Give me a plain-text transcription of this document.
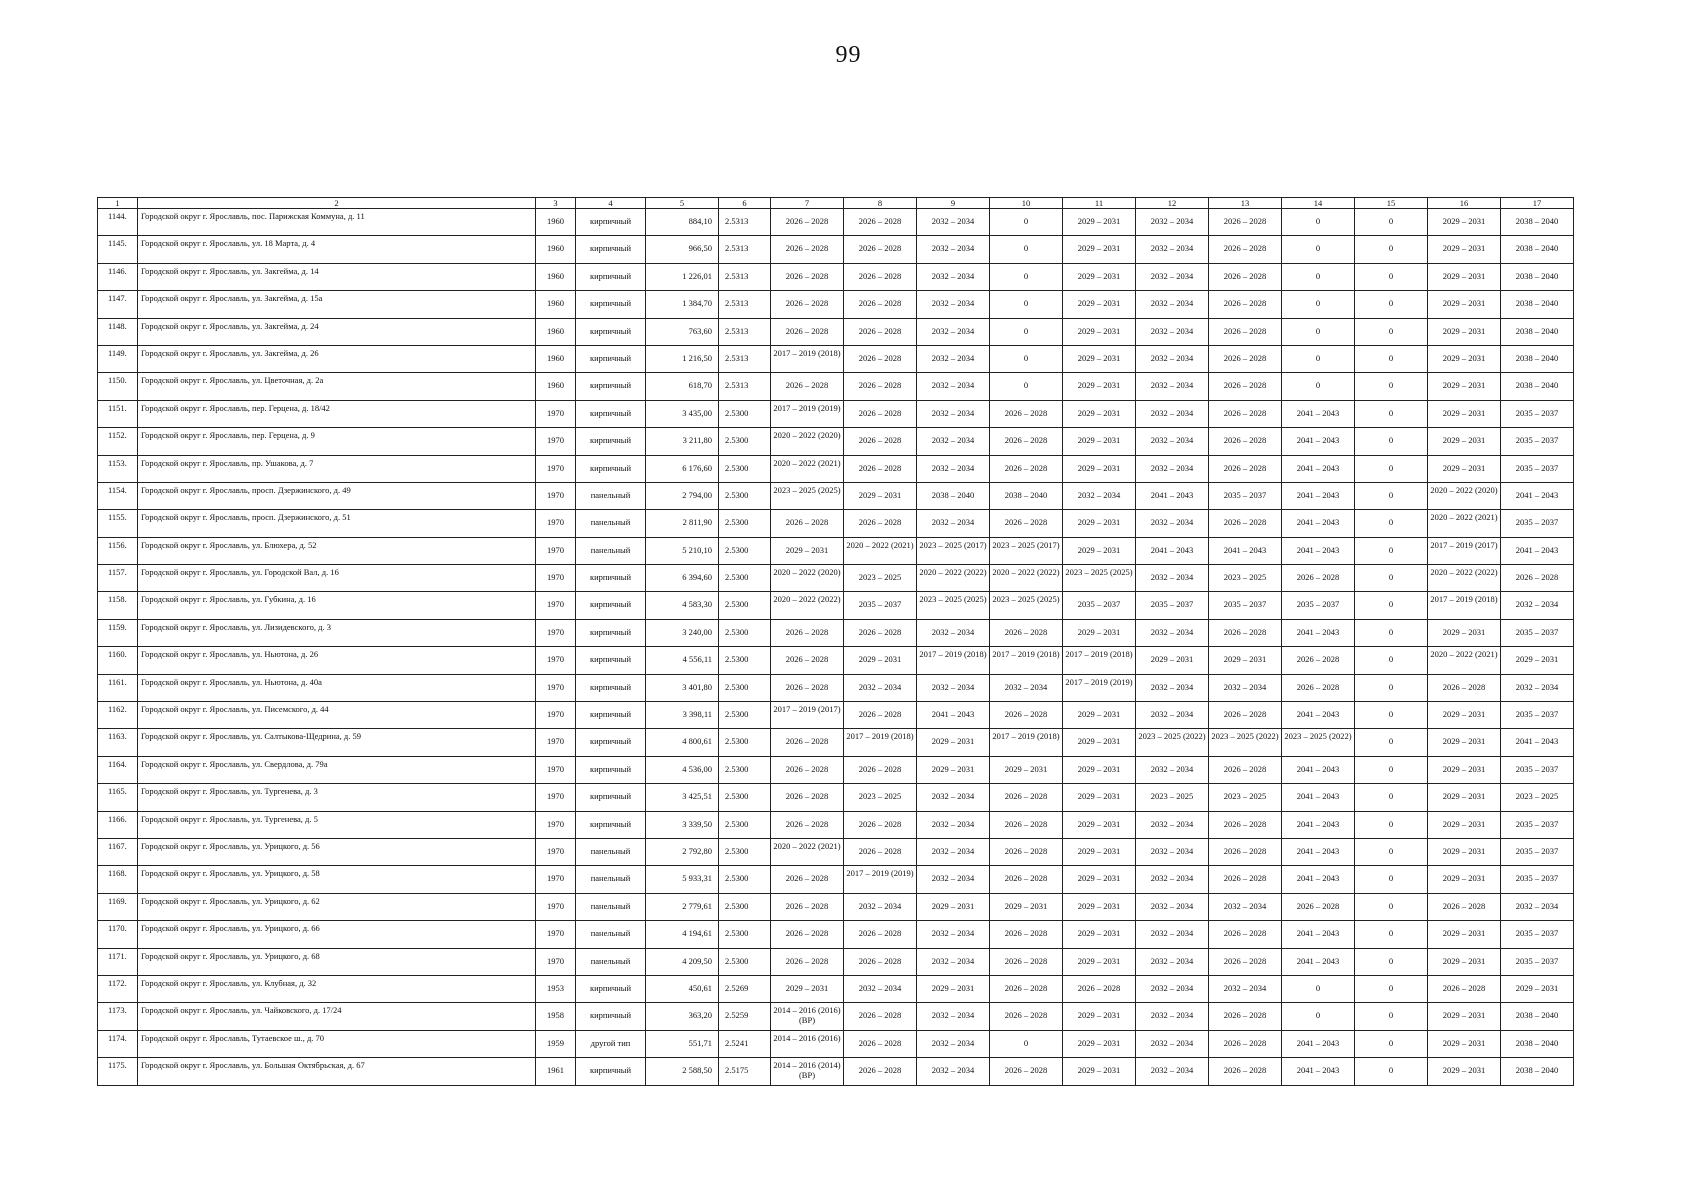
99
1	2	3	4	5	6	7	8	9	10	11	12	13	14	15	16	17
1144.	Городской округ г. Ярославль, пос. Парижская Коммуна, д. 11	1960	кирпичный	884,10	2.5313	2026 – 2028	2026 – 2028	2032 – 2034	0	2029 – 2031	2032 – 2034	2026 – 2028	0	0	2029 – 2031	2038 – 2040
1145.	Городской округ г. Ярославль, ул. 18 Марта, д. 4	1960	кирпичный	966,50	2.5313	2026 – 2028	2026 – 2028	2032 – 2034	0	2029 – 2031	2032 – 2034	2026 – 2028	0	0	2029 – 2031	2038 – 2040
1146.	Городской округ г. Ярославль, ул. Закгейма, д. 14	1960	кирпичный	1 226,01	2.5313	2026 – 2028	2026 – 2028	2032 – 2034	0	2029 – 2031	2032 – 2034	2026 – 2028	0	0	2029 – 2031	2038 – 2040
1147.	Городской округ г. Ярославль, ул. Закгейма, д. 15а	1960	кирпичный	1 384,70	2.5313	2026 – 2028	2026 – 2028	2032 – 2034	0	2029 – 2031	2032 – 2034	2026 – 2028	0	0	2029 – 2031	2038 – 2040
1148.	Городской округ г. Ярославль, ул. Закгейма, д. 24	1960	кирпичный	763,60	2.5313	2026 – 2028	2026 – 2028	2032 – 2034	0	2029 – 2031	2032 – 2034	2026 – 2028	0	0	2029 – 2031	2038 – 2040
1149.	Городской округ г. Ярославль, ул. Закгейма, д. 26	1960	кирпичный	1 216,50	2.5313	2017 – 2019 (2018)	2026 – 2028	2032 – 2034	0	2029 – 2031	2032 – 2034	2026 – 2028	0	0	2029 – 2031	2038 – 2040
1150.	Городской округ г. Ярославль, ул. Цветочная, д. 2а	1960	кирпичный	618,70	2.5313	2026 – 2028	2026 – 2028	2032 – 2034	0	2029 – 2031	2032 – 2034	2026 – 2028	0	0	2029 – 2031	2038 – 2040
1151.	Городской округ г. Ярославль, пер. Герцена, д. 18/42	1970	кирпичный	3 435,00	2.5300	2017 – 2019 (2019)	2026 – 2028	2032 – 2034	2026 – 2028	2029 – 2031	2032 – 2034	2026 – 2028	2041 – 2043	0	2029 – 2031	2035 – 2037
1152.	Городской округ г. Ярославль, пер. Герцена, д. 9	1970	кирпичный	3 211,80	2.5300	2020 – 2022 (2020)	2026 – 2028	2032 – 2034	2026 – 2028	2029 – 2031	2032 – 2034	2026 – 2028	2041 – 2043	0	2029 – 2031	2035 – 2037
1153.	Городской округ г. Ярославль, пр. Ушакова, д. 7	1970	кирпичный	6 176,60	2.5300	2020 – 2022 (2021)	2026 – 2028	2032 – 2034	2026 – 2028	2029 – 2031	2032 – 2034	2026 – 2028	2041 – 2043	0	2029 – 2031	2035 – 2037
1154.	Городской округ г. Ярославль, просп. Дзержинского, д. 49	1970	панельный	2 794,00	2.5300	2023 – 2025 (2025)	2029 – 2031	2038 – 2040	2038 – 2040	2032 – 2034	2041 – 2043	2035 – 2037	2041 – 2043	0	2020 – 2022 (2020)	2041 – 2043
1155.	Городской округ г. Ярославль, просп. Дзержинского, д. 51	1970	панельный	2 811,90	2.5300	2026 – 2028	2026 – 2028	2032 – 2034	2026 – 2028	2029 – 2031	2032 – 2034	2026 – 2028	2041 – 2043	0	2020 – 2022 (2021)	2035 – 2037
1156.	Городской округ г. Ярославль, ул. Блюхера, д. 52	1970	панельный	5 210,10	2.5300	2029 – 2031	2020 – 2022 (2021)	2023 – 2025 (2017)	2023 – 2025 (2017)	2029 – 2031	2041 – 2043	2041 – 2043	2041 – 2043	0	2017 – 2019 (2017)	2041 – 2043
1157.	Городской округ г. Ярославль, ул. Городской Вал, д. 16	1970	кирпичный	6 394,60	2.5300	2020 – 2022 (2020)	2023 – 2025	2020 – 2022 (2022)	2020 – 2022 (2022)	2023 – 2025 (2025)	2032 – 2034	2023 – 2025	2026 – 2028	0	2020 – 2022 (2022)	2026 – 2028
1158.	Городской округ г. Ярославль, ул. Губкина, д. 16	1970	кирпичный	4 583,30	2.5300	2020 – 2022 (2022)	2035 – 2037	2023 – 2025 (2025)	2023 – 2025 (2025)	2035 – 2037	2035 – 2037	2035 – 2037	2035 – 2037	0	2017 – 2019 (2018)	2032 – 2034
1159.	Городской округ г. Ярославль, ул. Лизидевского, д. 3	1970	кирпичный	3 240,00	2.5300	2026 – 2028	2026 – 2028	2032 – 2034	2026 – 2028	2029 – 2031	2032 – 2034	2026 – 2028	2041 – 2043	0	2029 – 2031	2035 – 2037
1160.	Городской округ г. Ярославль, ул. Ньютона, д. 26	1970	кирпичный	4 556,11	2.5300	2026 – 2028	2029 – 2031	2017 – 2019 (2018)	2017 – 2019 (2018)	2017 – 2019 (2018)	2029 – 2031	2029 – 2031	2026 – 2028	0	2020 – 2022 (2021)	2029 – 2031
1161.	Городской округ г. Ярославль, ул. Ньютона, д. 40а	1970	кирпичный	3 401,80	2.5300	2026 – 2028	2032 – 2034	2032 – 2034	2032 – 2034	2017 – 2019 (2019)	2032 – 2034	2032 – 2034	2026 – 2028	0	2026 – 2028	2032 – 2034
1162.	Городской округ г. Ярославль, ул. Писемского, д. 44	1970	кирпичный	3 398,11	2.5300	2017 – 2019 (2017)	2026 – 2028	2041 – 2043	2026 – 2028	2029 – 2031	2032 – 2034	2026 – 2028	2041 – 2043	0	2029 – 2031	2035 – 2037
1163.	Городской округ г. Ярославль, ул. Салтыкова-Щедрина, д. 59	1970	кирпичный	4 800,61	2.5300	2026 – 2028	2017 – 2019 (2018)	2029 – 2031	2017 – 2019 (2018)	2029 – 2031	2023 – 2025 (2022)	2023 – 2025 (2022)	2023 – 2025 (2022)	0	2029 – 2031	2041 – 2043
1164.	Городской округ г. Ярославль, ул. Свердлова, д. 79а	1970	кирпичный	4 536,00	2.5300	2026 – 2028	2026 – 2028	2029 – 2031	2029 – 2031	2029 – 2031	2032 – 2034	2026 – 2028	2041 – 2043	0	2029 – 2031	2035 – 2037
1165.	Городской округ г. Ярославль, ул. Тургенева, д. 3	1970	кирпичный	3 425,51	2.5300	2026 – 2028	2023 – 2025	2032 – 2034	2026 – 2028	2029 – 2031	2023 – 2025	2023 – 2025	2041 – 2043	0	2029 – 2031	2023 – 2025
1166.	Городской округ г. Ярославль, ул. Тургенева, д. 5	1970	кирпичный	3 339,50	2.5300	2026 – 2028	2026 – 2028	2032 – 2034	2026 – 2028	2029 – 2031	2032 – 2034	2026 – 2028	2041 – 2043	0	2029 – 2031	2035 – 2037
1167.	Городской округ г. Ярославль, ул. Урицкого, д. 56	1970	панельный	2 792,80	2.5300	2020 – 2022 (2021)	2026 – 2028	2032 – 2034	2026 – 2028	2029 – 2031	2032 – 2034	2026 – 2028	2041 – 2043	0	2029 – 2031	2035 – 2037
1168.	Городской округ г. Ярославль, ул. Урицкого, д. 58	1970	панельный	5 933,31	2.5300	2026 – 2028	2017 – 2019 (2019)	2032 – 2034	2026 – 2028	2029 – 2031	2032 – 2034	2026 – 2028	2041 – 2043	0	2029 – 2031	2035 – 2037
1169.	Городской округ г. Ярославль, ул. Урицкого, д. 62	1970	панельный	2 779,61	2.5300	2026 – 2028	2032 – 2034	2029 – 2031	2029 – 2031	2029 – 2031	2032 – 2034	2032 – 2034	2026 – 2028	0	2026 – 2028	2032 – 2034
1170.	Городской округ г. Ярославль, ул. Урицкого, д. 66	1970	панельный	4 194,61	2.5300	2026 – 2028	2026 – 2028	2032 – 2034	2026 – 2028	2029 – 2031	2032 – 2034	2026 – 2028	2041 – 2043	0	2029 – 2031	2035 – 2037
1171.	Городской округ г. Ярославль, ул. Урицкого, д. 68	1970	панельный	4 209,50	2.5300	2026 – 2028	2026 – 2028	2032 – 2034	2026 – 2028	2029 – 2031	2032 – 2034	2026 – 2028	2041 – 2043	0	2029 – 2031	2035 – 2037
1172.	Городской округ г. Ярославль, ул. Клубная, д. 32	1953	кирпичный	450,61	2.5269	2029 – 2031	2032 – 2034	2029 – 2031	2026 – 2028	2026 – 2028	2032 – 2034	2032 – 2034	0	0	2026 – 2028	2029 – 2031
1173.	Городской округ г. Ярославль, ул. Чайковского, д. 17/24	1958	кирпичный	363,20	2.5259	2014 – 2016 (2016) (ВР)	2026 – 2028	2032 – 2034	2026 – 2028	2029 – 2031	2032 – 2034	2026 – 2028	0	0	2029 – 2031	2038 – 2040
1174.	Городской округ г. Ярославль, Тутаевское ш., д. 70	1959	другой тип	551,71	2.5241	2014 – 2016 (2016)	2026 – 2028	2032 – 2034	0	2029 – 2031	2032 – 2034	2026 – 2028	2041 – 2043	0	2029 – 2031	2038 – 2040
1175.	Городской округ г. Ярославль, ул. Большая Октябрьская, д. 67	1961	кирпичный	2 588,50	2.5175	2014 – 2016 (2014) (ВР)	2026 – 2028	2032 – 2034	2026 – 2028	2029 – 2031	2032 – 2034	2026 – 2028	2041 – 2043	0	2029 – 2031	2038 – 2040
